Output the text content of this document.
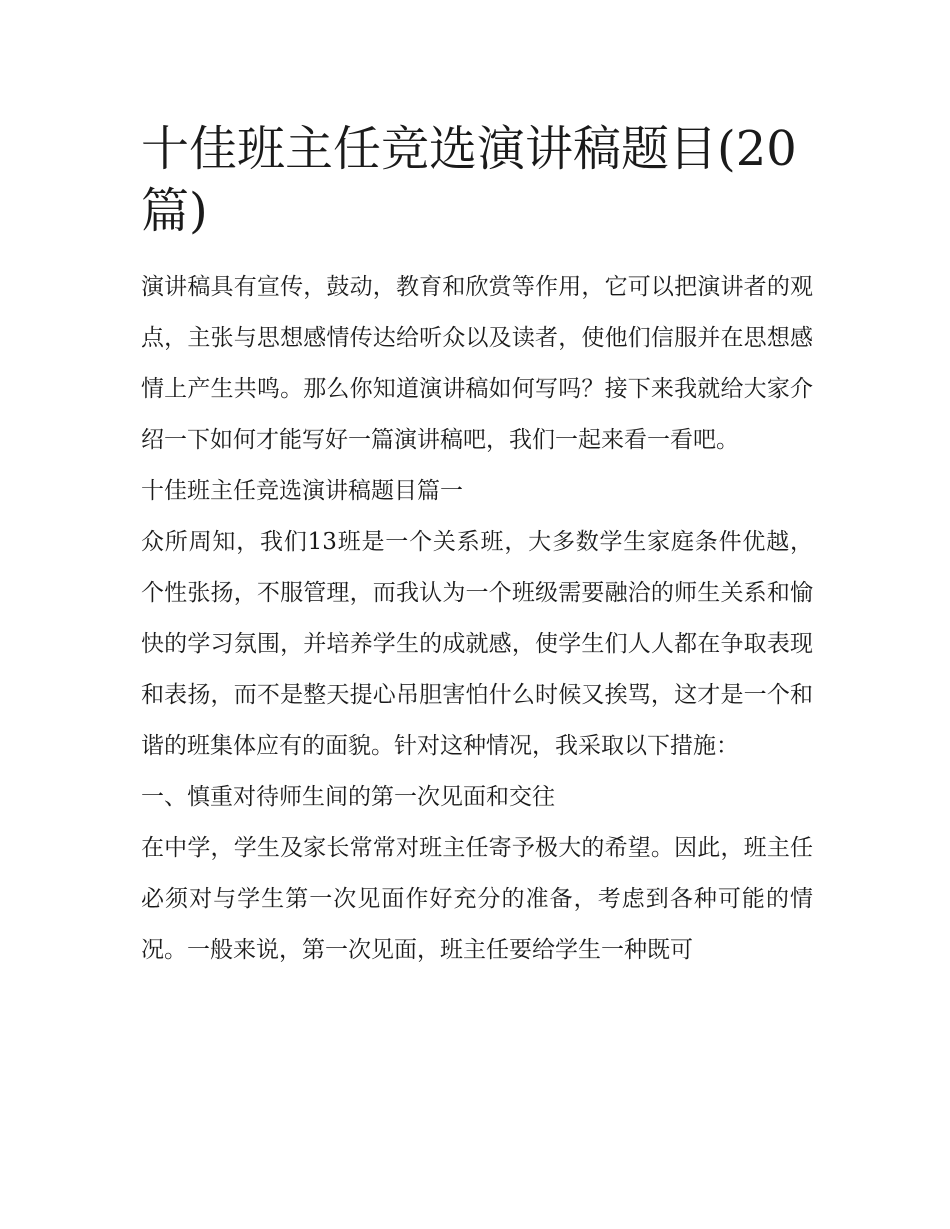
十佳班主任竞选演讲稿题目(20篇)

演讲稿具有宣传，鼓动，教育和欣赏等作用，它可以把演讲者的观点，主张与思想感情传达给听众以及读者，使他们信服并在思想感情上产生共鸣。那么你知道演讲稿如何写吗？接下来我就给大家介绍一下如何才能写好一篇演讲稿吧，我们一起来看一看吧。

十佳班主任竞选演讲稿题目篇一

众所周知，我们13班是一个关系班，大多数学生家庭条件优越，个性张扬，不服管理，而我认为一个班级需要融洽的师生关系和愉快的学习氛围，并培养学生的成就感，使学生们人人都在争取表现和表扬，而不是整天提心吊胆害怕什么时候又挨骂，这才是一个和谐的班集体应有的面貌。针对这种情况，我采取以下措施：

一、慎重对待师生间的第一次见面和交往

在中学，学生及家长常常对班主任寄予极大的希望。因此，班主任必须对与学生第一次见面作好充分的准备，考虑到各种可能的情况。一般来说，第一次见面，班主任要给学生一种既可
